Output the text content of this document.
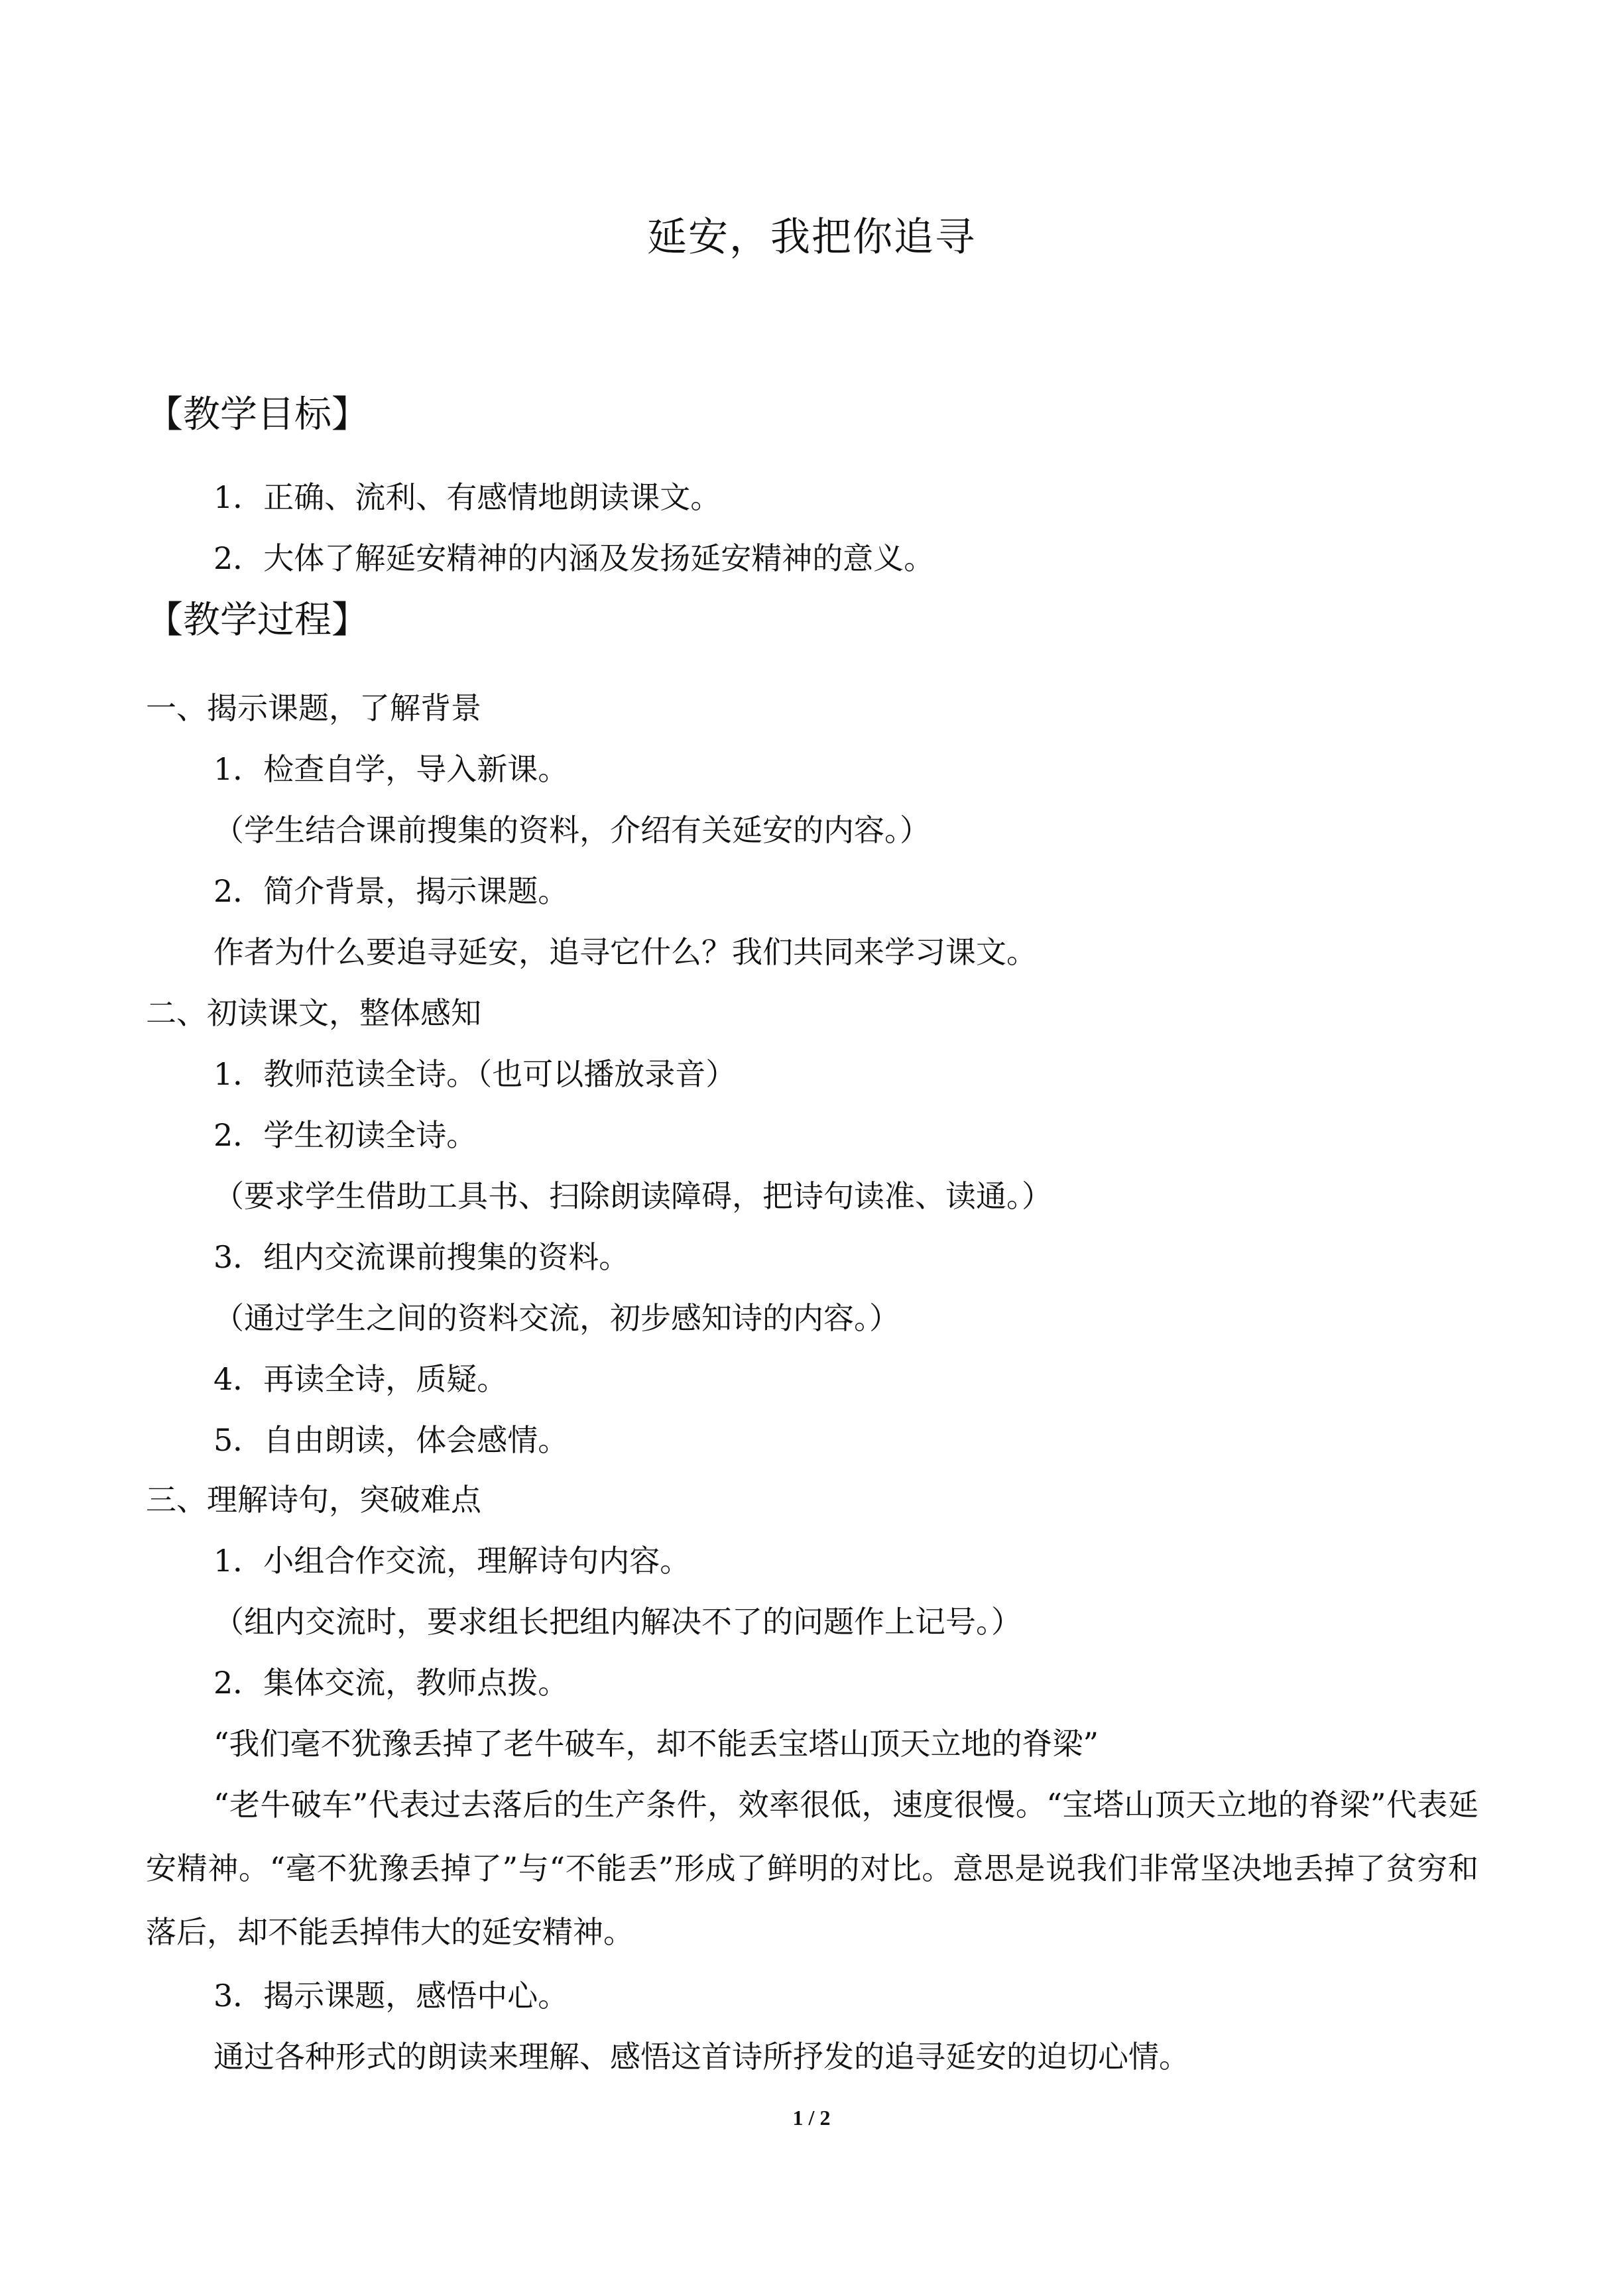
延安，我把你追寻
【教学目标】
1．正确、流利、有感情地朗读课文。
2．大体了解延安精神的内涵及发扬延安精神的意义。
【教学过程】
一、揭示课题，了解背景
1．检查自学，导入新课。
（学生结合课前搜集的资料，介绍有关延安的内容。）
2．简介背景，揭示课题。
作者为什么要追寻延安，追寻它什么？我们共同来学习课文。
二、初读课文，整体感知
1．教师范读全诗。（也可以播放录音）
2．学生初读全诗。
（要求学生借助工具书、扫除朗读障碍，把诗句读准、读通。）
3．组内交流课前搜集的资料。
（通过学生之间的资料交流，初步感知诗的内容。）
4．再读全诗，质疑。
5．自由朗读，体会感情。
三、理解诗句，突破难点
1．小组合作交流，理解诗句内容。
（组内交流时，要求组长把组内解决不了的问题作上记号。）
2．集体交流，教师点拨。
“我们毫不犹豫丢掉了老牛破车，却不能丢宝塔山顶天立地的脊梁”
“老牛破车”代表过去落后的生产条件，效率很低，速度很慢。“宝塔山顶天立地的脊梁”代表延安精神。“毫不犹豫丢掉了”与“不能丢”形成了鲜明的对比。意思是说我们非常坚决地丢掉了贫穷和落后，却不能丢掉伟大的延安精神。
3．揭示课题，感悟中心。
通过各种形式的朗读来理解、感悟这首诗所抒发的追寻延安的迫切心情。
1 / 2
